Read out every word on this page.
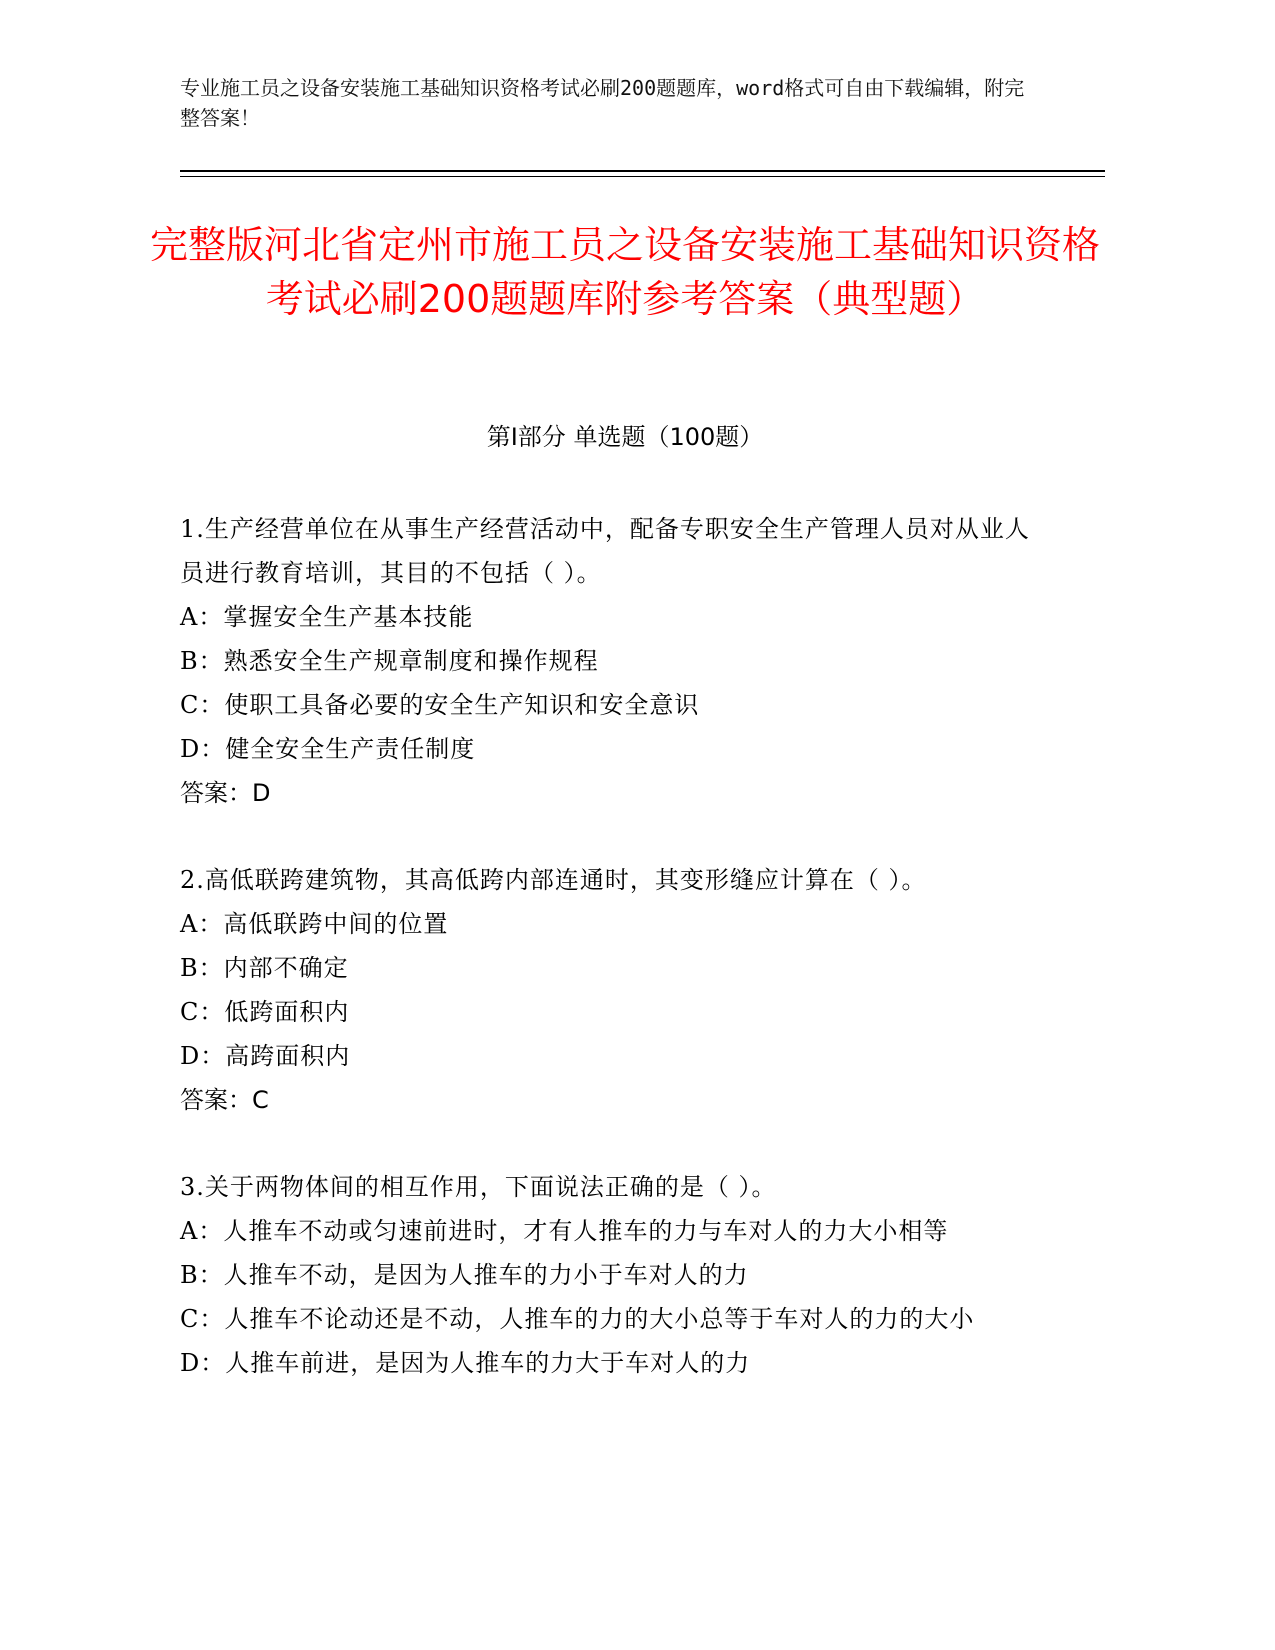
专业施工员之设备安装施工基础知识资格考试必刷200题题库，word格式可自由下载编辑，附完整答案！
完整版河北省定州市施工员之设备安装施工基础知识资格考试必刷200题题库附参考答案（典型题）
第Ⅰ部分 单选题（100题）
1.生产经营单位在从事生产经营活动中，配备专职安全生产管理人员对从业人员进行教育培训，其目的不包括（ ）。
A：掌握安全生产基本技能
B：熟悉安全生产规章制度和操作规程
C：使职工具备必要的安全生产知识和安全意识
D：健全安全生产责任制度
答案：D
2.高低联跨建筑物，其高低跨内部连通时，其变形缝应计算在（ ）。
A：高低联跨中间的位置
B：内部不确定
C：低跨面积内
D：高跨面积内
答案：C
3.关于两物体间的相互作用，下面说法正确的是（ ）。
A：人推车不动或匀速前进时，才有人推车的力与车对人的力大小相等
B：人推车不动，是因为人推车的力小于车对人的力
C：人推车不论动还是不动，人推车的力的大小总等于车对人的力的大小
D：人推车前进，是因为人推车的力大于车对人的力
